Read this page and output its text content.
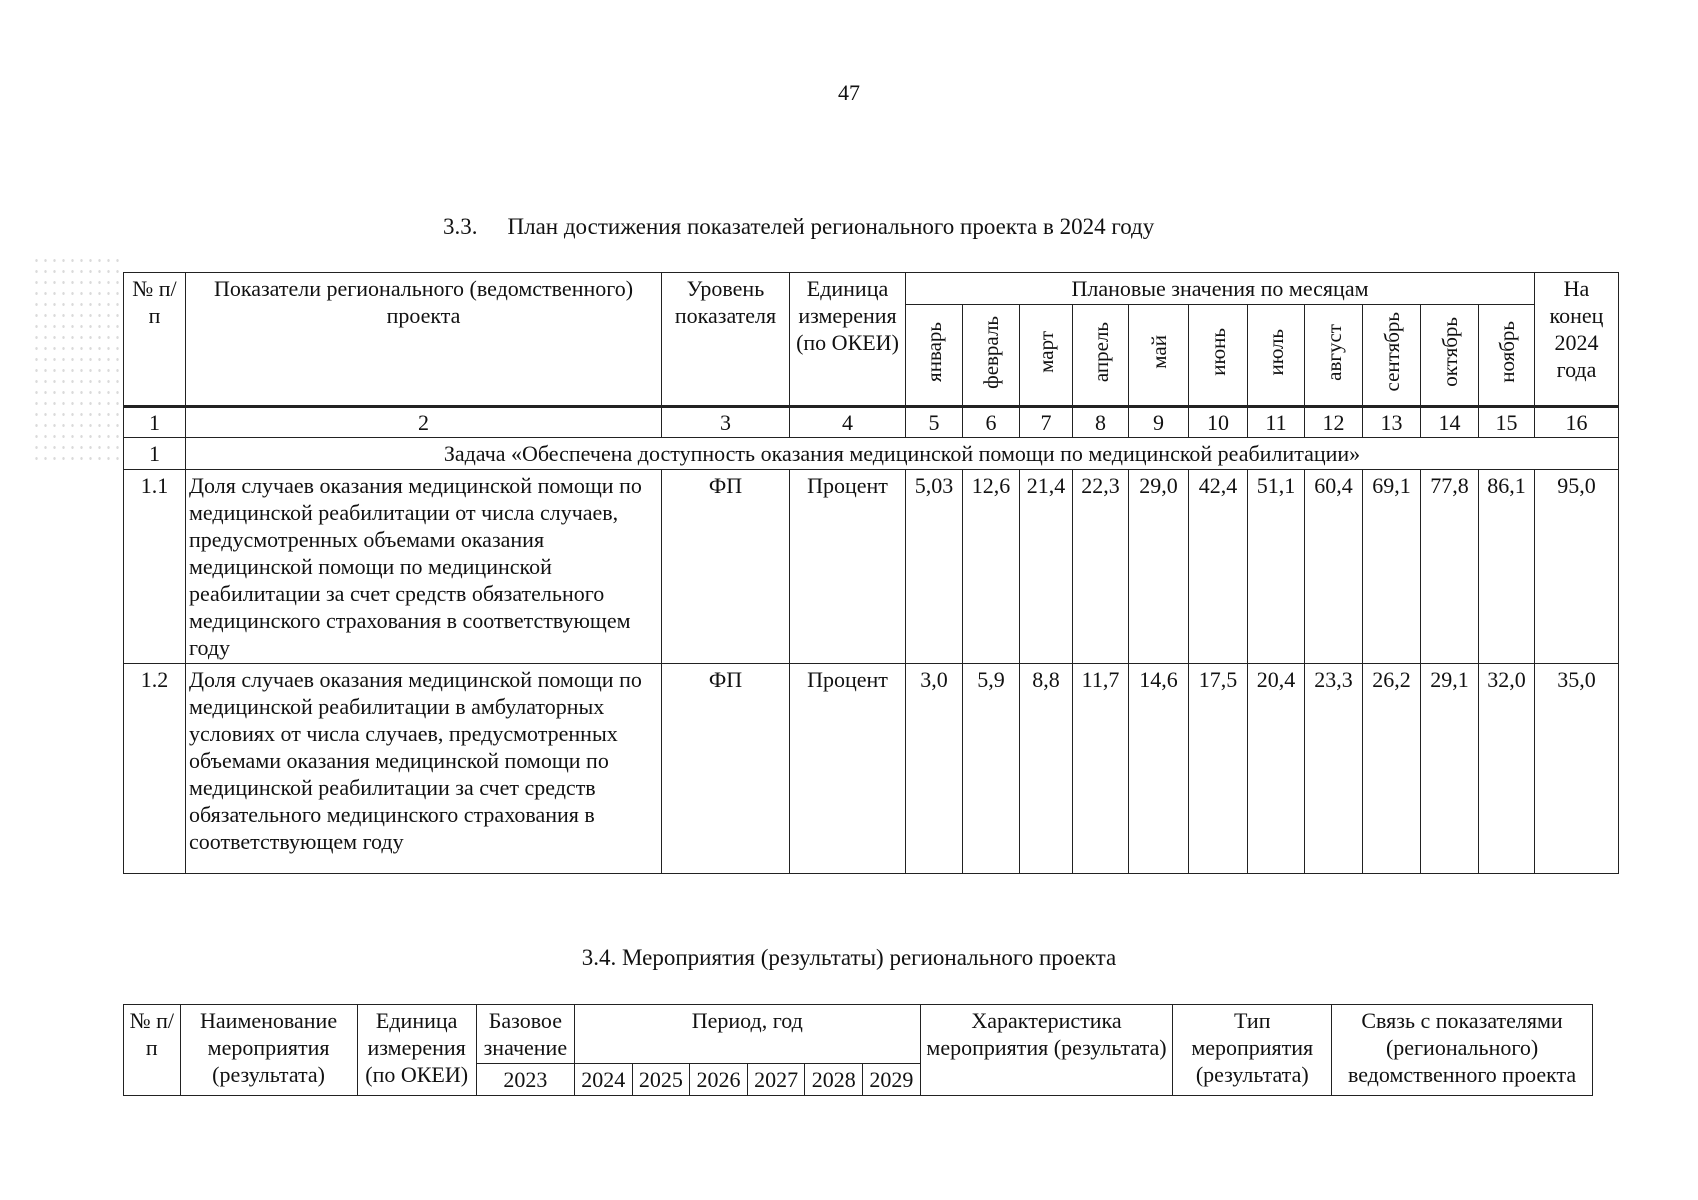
47
3.3. План достижения показателей регионального проекта в 2024 году
№ п/п	Показатели регионального (ведомственного) проекта	Уровень показателя	Единица измерения (по ОКЕИ)	Плановые значения по месяцам											На конец 2024 года
				январь	февраль	март	апрель	май	июнь	июль	август	сентябрь	октябрь	ноябрь	
1	2	3	4	5	6	7	8	9	10	11	12	13	14	15	16
1	Задача «Обеспечена доступность оказания медицинской помощи по медицинской реабилитации»														
1.1	Доля случаев оказания медицинской помощи по медицинской реабилитации от числа случаев, предусмотренных объемами оказания медицинской помощи по медицинской реабилитации за счет средств обязательного медицинского страхования в соответствующем году	ФП	Процент	5,03	12,6	21,4	22,3	29,0	42,4	51,1	60,4	69,1	77,8	86,1	95,0
1.2	Доля случаев оказания медицинской помощи по медицинской реабилитации в амбулаторных условиях от числа случаев, предусмотренных объемами оказания медицинской помощи по медицинской реабилитации за счет средств обязательного медицинского страхования в соответствующем году	ФП	Процент	3,0	5,9	8,8	11,7	14,6	17,5	20,4	23,3	26,2	29,1	32,0	35,0
3.4. Мероприятия (результаты) регионального проекта
№ п/п	Наименование мероприятия (результата)	Единица измерения (по ОКЕИ)	Базовое значение	Период, год						Характеристика мероприятия (результата)	Тип мероприятия (результата)	Связь с показателями (регионального) ведомственного проекта
			2023	2024	2025	2026	2027	2028	2029			
